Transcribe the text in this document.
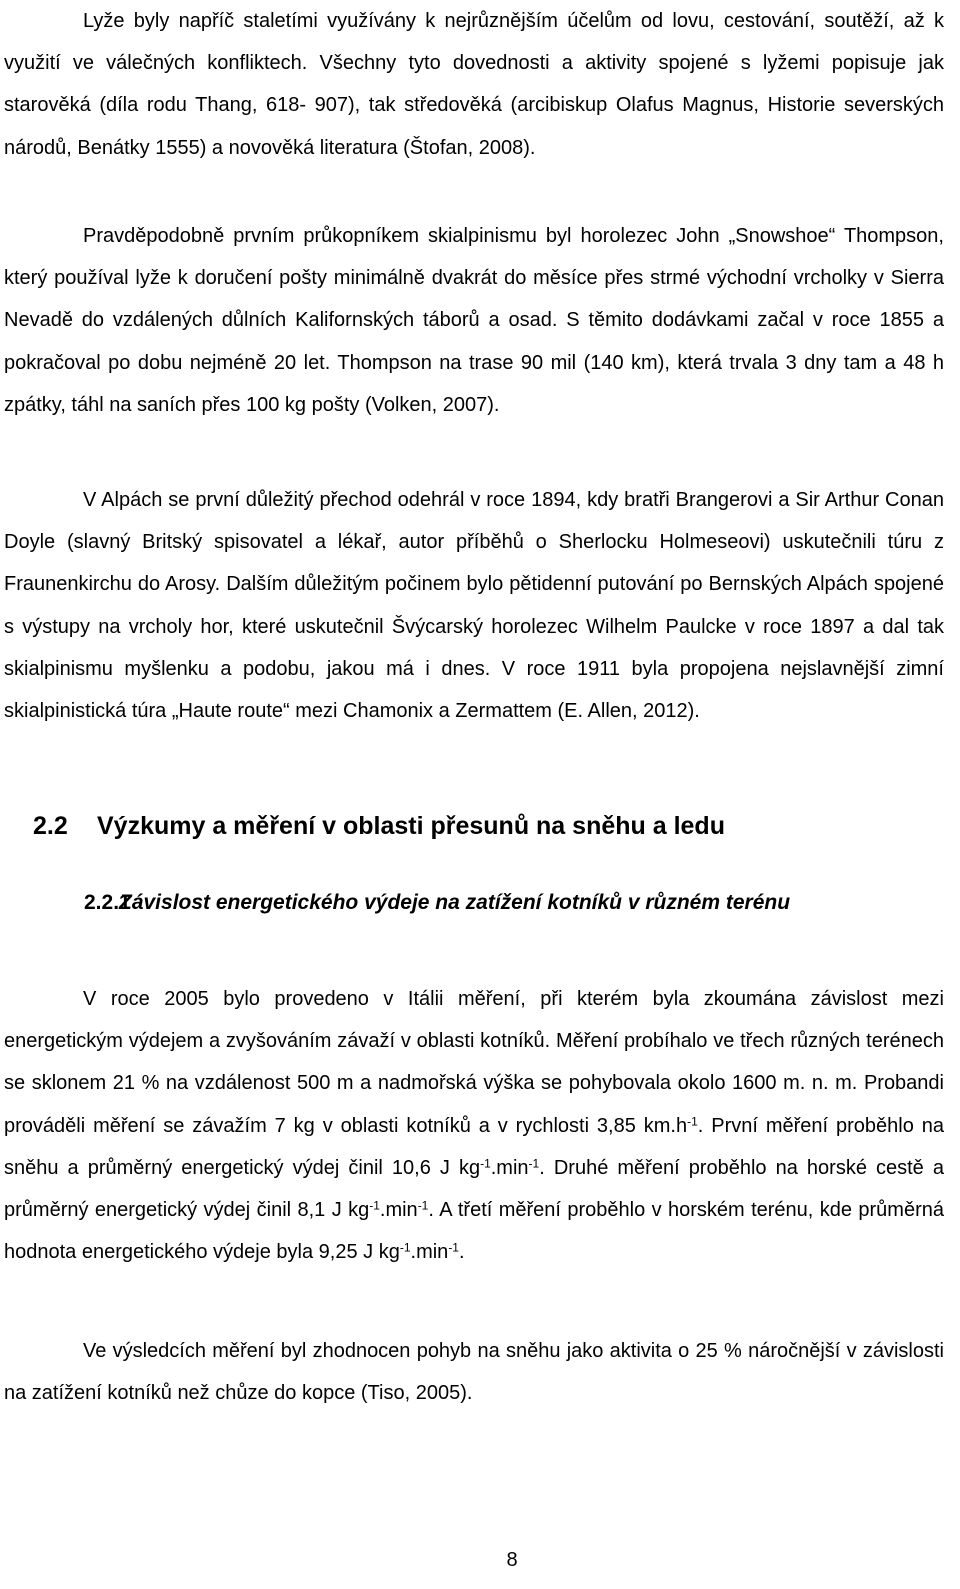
Lyže byly napříč staletími využívány k nejrůznějším účelům od lovu, cestování, soutěží, až k využití ve válečných konfliktech. Všechny tyto dovednosti a aktivity spojené s lyžemi popisuje jak starověká (díla rodu Thang, 618- 907), tak středověká (arcibiskup Olafus Magnus, Historie severských národů, Benátky 1555) a novověká literatura (Štofan, 2008).

Pravděpodobně prvním průkopníkem skialpinismu byl horolezec John „Snowshoe“ Thompson, který používal lyže k doručení pošty minimálně dvakrát do měsíce přes strmé východní vrcholky v Sierra Nevadě do vzdálených důlních Kalifornských táborů a osad. S těmito dodávkami začal v roce 1855 a pokračoval po dobu nejméně 20 let. Thompson na trase 90 mil (140 km), která trvala 3 dny tam a 48 h zpátky, táhl na saních přes 100 kg pošty (Volken, 2007).

V Alpách se první důležitý přechod odehrál v roce 1894, kdy bratři Brangerovi a Sir Arthur Conan Doyle (slavný Britský spisovatel a lékař, autor příběhů o Sherlocku Holmeseovi) uskutečnili túru z Fraunenkirchu do Arosy. Dalším důležitým počinem bylo pětidenní putování po Bernských Alpách spojené s výstupy na vrcholy hor, které uskutečnil Švýcarský horolezec Wilhelm Paulcke v roce 1897 a dal tak skialpinismu myšlenku a podobu, jakou má i dnes. V roce 1911 byla propojena nejslavnější zimní skialpinistická túra „Haute route“ mezi Chamonix a Zermattem (E. Allen, 2012).

2.2 Výzkumy a měření v oblasti přesunů na sněhu a ledu
2.2.1
Závislost energetického výdeje na zatížení kotníků v různém terénu

V roce 2005 bylo provedeno v Itálii měření, při kterém byla zkoumána závislost mezi energetickým výdejem a zvyšováním závaží v oblasti kotníků. Měření probíhalo ve třech různých terénech se sklonem 21 % na vzdálenost 500 m a nadmořská výška se pohybovala okolo 1600 m. n. m. Probandi prováděli měření se závažím 7 kg v oblasti kotníků a v rychlosti 3,85 $km.h^{-1}$. První měření proběhlo na sněhu a průměrný energetický výdej činil 10,6 J $kg^{-1}.\min^{-1}$. Druhé měření proběhlo na horské cestě a průměrný energetický výdej činil 8,1 J $kg^{-1}.\min^{-1}$. A třetí měření proběhlo v horském terénu, kde průměrná hodnota energetického výdeje byla 9,25 J $kg^{-1}.\min^{-1}$.

Ve výsledcích měření byl zhodnocen pohyb na sněhu jako aktivita o 25 % náročnější v závislosti na zatížení kotníků než chůze do kopce (Tiso, 2005).

8
